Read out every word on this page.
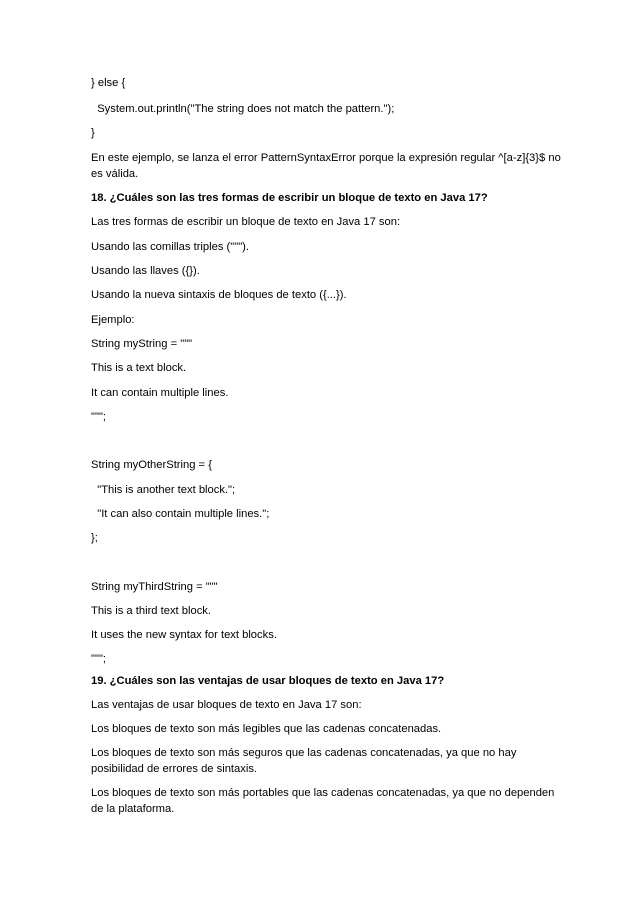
} else {

System.out.println("The string does not match the pattern.");

}

En este ejemplo, se lanza el error PatternSyntaxError porque la expresión regular ^[a-z]{3}$ no es válida.

18. ¿Cuáles son las tres formas de escribir un bloque de texto en Java 17?

Las tres formas de escribir un bloque de texto en Java 17 son:

Usando las comillas triples (""").

Usando las llaves ({}).

Usando la nueva sintaxis de bloques de texto ({...}).

Ejemplo:

String myString = """

This is a text block.

It can contain multiple lines.

""";

String myOtherString = {

"This is another text block.";

"It can also contain multiple lines.";

};

String myThirdString = """

This is a third text block.

It uses the new syntax for text blocks.

""";

19. ¿Cuáles son las ventajas de usar bloques de texto en Java 17?

Las ventajas de usar bloques de texto en Java 17 son:

Los bloques de texto son más legibles que las cadenas concatenadas.

Los bloques de texto son más seguros que las cadenas concatenadas, ya que no hay posibilidad de errores de sintaxis.

Los bloques de texto son más portables que las cadenas concatenadas, ya que no dependen de la plataforma.
